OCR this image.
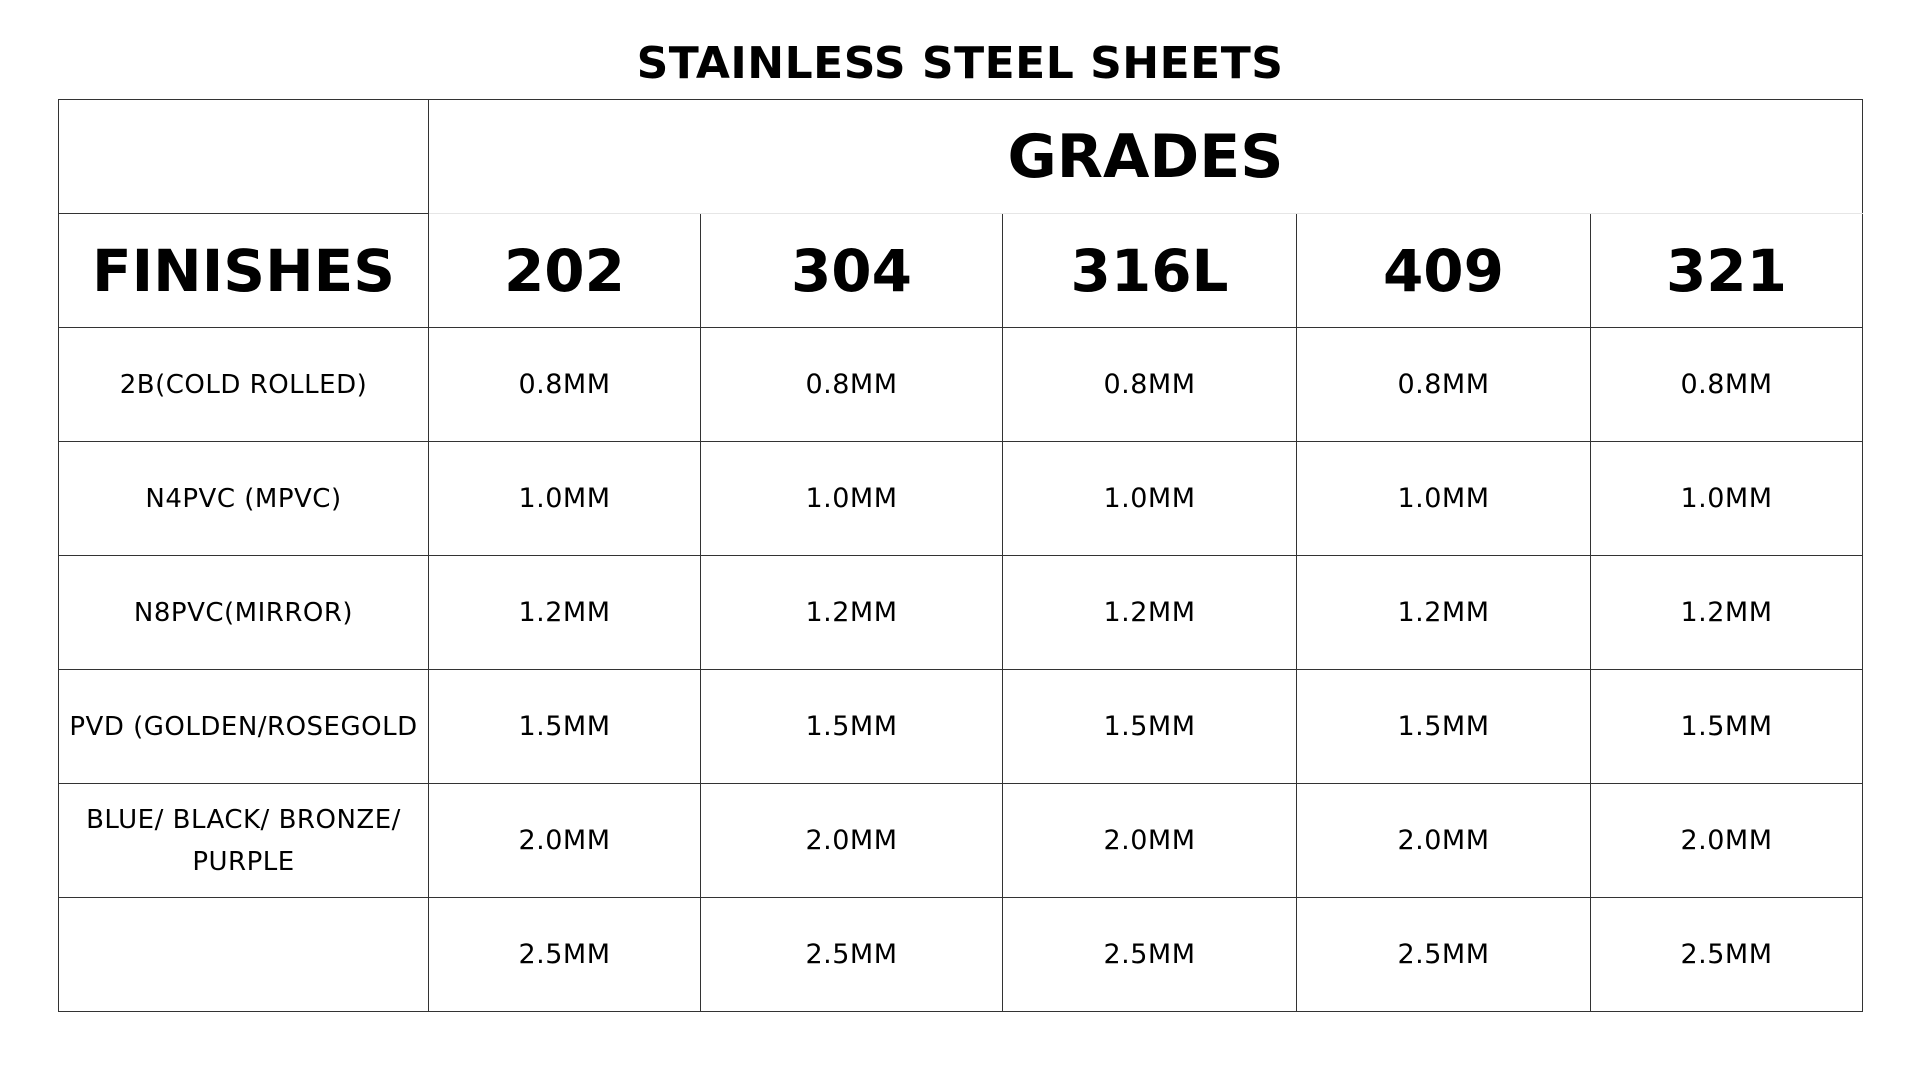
STAINLESS STEEL SHEETS
	GRADES				
FINISHES	202	304	316L	409	321
2B(COLD ROLLED)	0.8MM	0.8MM	0.8MM	0.8MM	0.8MM
N4PVC (MPVC)	1.0MM	1.0MM	1.0MM	1.0MM	1.0MM
N8PVC(MIRROR)	1.2MM	1.2MM	1.2MM	1.2MM	1.2MM
PVD (GOLDEN/ROSEGOLD	1.5MM	1.5MM	1.5MM	1.5MM	1.5MM
BLUE/ BLACK/ BRONZE/ PURPLE	2.0MM	2.0MM	2.0MM	2.0MM	2.0MM
	2.5MM	2.5MM	2.5MM	2.5MM	2.5MM
